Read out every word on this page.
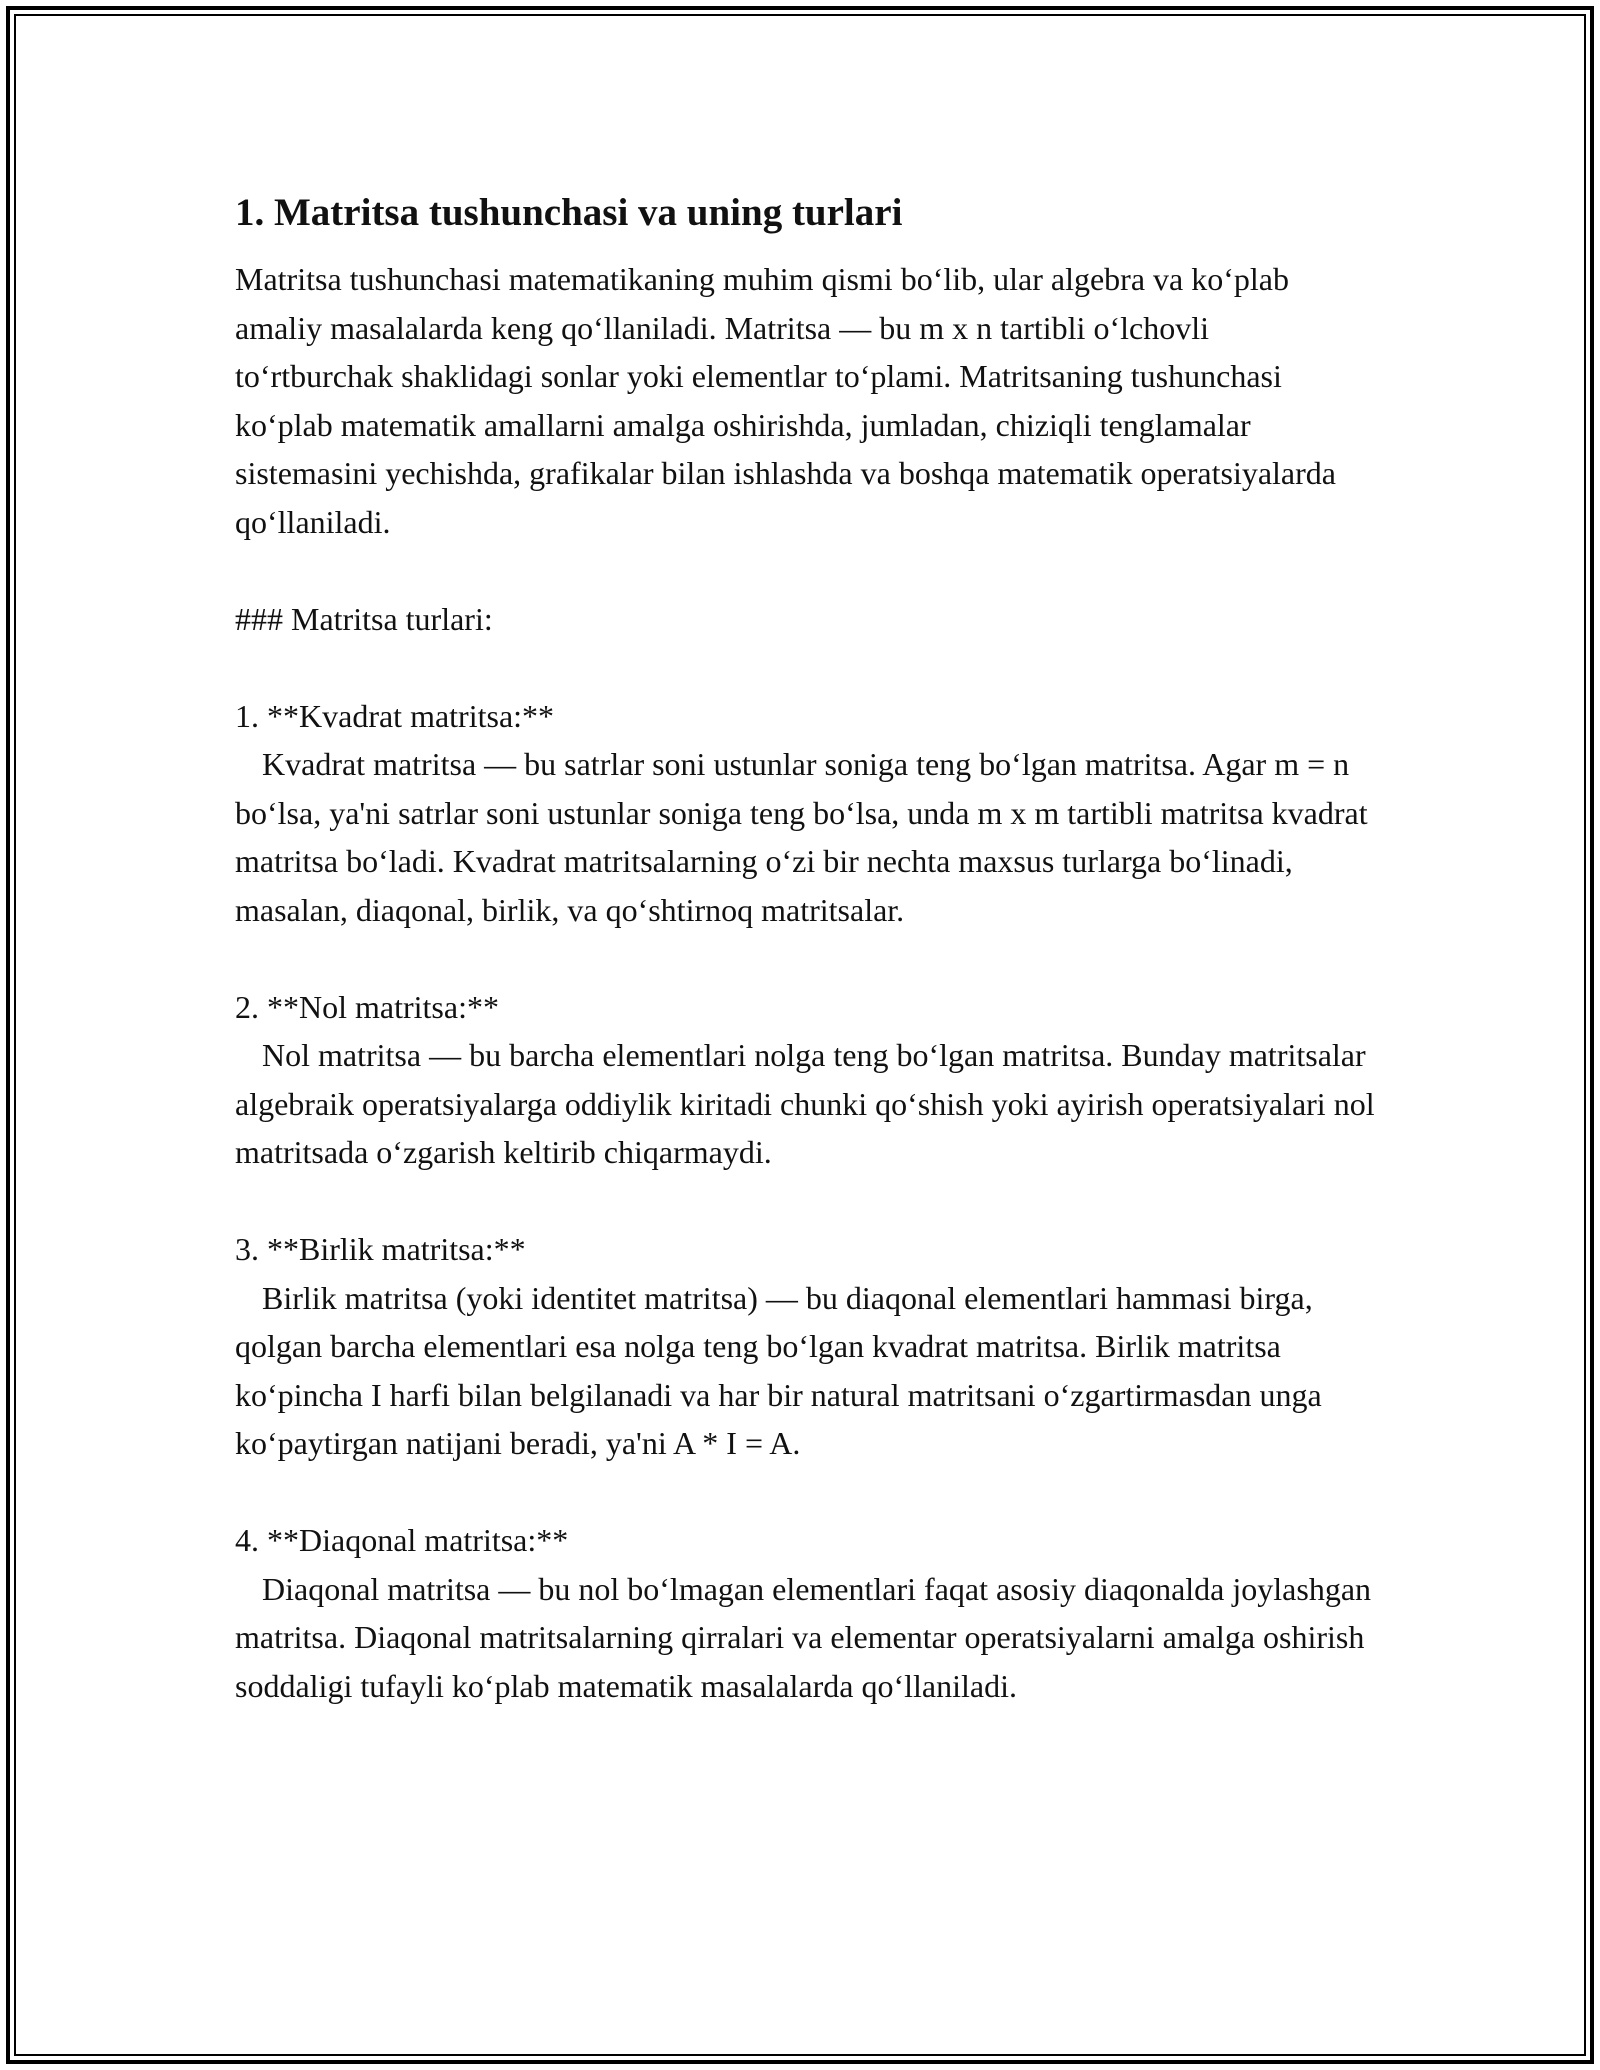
1. Matritsa tushunchasi va uning turlari

Matritsa tushunchasi matematikaning muhim qismi bo‘lib, ular algebra va ko‘plab amaliy masalalarda keng qo‘llaniladi. Matritsa — bu m x n tartibli o‘lchovli to‘rtburchak shaklidagi sonlar yoki elementlar to‘plami. Matritsaning tushunchasi ko‘plab matematik amallarni amalga oshirishda, jumladan, chiziqli tenglamalar sistemasini yechishda, grafikalar bilan ishlashda va boshqa matematik operatsiyalarda qo‘llaniladi.

### Matritsa turlari:

1. **Kvadrat matritsa:**

Kvadrat matritsa — bu satrlar soni ustunlar soniga teng bo‘lgan matritsa. Agar m = n bo‘lsa, ya'ni satrlar soni ustunlar soniga teng bo‘lsa, unda m x m tartibli matritsa kvadrat matritsa bo‘ladi. Kvadrat matritsalarning o‘zi bir nechta maxsus turlarga bo‘linadi, masalan, diaqonal, birlik, va qo‘shtirnoq matritsalar.

2. **Nol matritsa:**

Nol matritsa — bu barcha elementlari nolga teng bo‘lgan matritsa. Bunday matritsalar algebraik operatsiyalarga oddiylik kiritadi chunki qo‘shish yoki ayirish operatsiyalari nol matritsada o‘zgarish keltirib chiqarmaydi.

3. **Birlik matritsa:**

Birlik matritsa (yoki identitet matritsa) — bu diaqonal elementlari hammasi birga, qolgan barcha elementlari esa nolga teng bo‘lgan kvadrat matritsa. Birlik matritsa ko‘pincha I harfi bilan belgilanadi va har bir natural matritsani o‘zgartirmasdan unga ko‘paytirgan natijani beradi, ya'ni A * I = A.

4. **Diaqonal matritsa:**

Diaqonal matritsa — bu nol bo‘lmagan elementlari faqat asosiy diaqonalda joylashgan matritsa. Diaqonal matritsalarning qirralari va elementar operatsiyalarni amalga oshirish soddaligi tufayli ko‘plab matematik masalalarda qo‘llaniladi.
